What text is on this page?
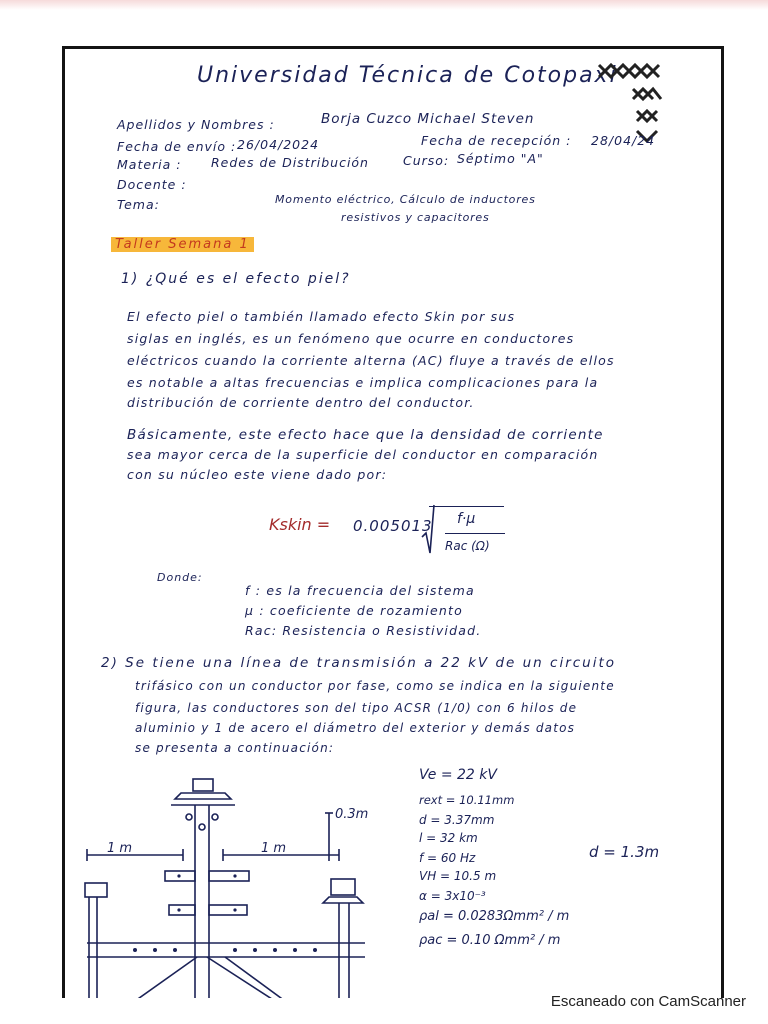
Universidad Técnica de Cotopaxi
Apellidos y Nombres :	Borja Cuzco Michael Steven
Fecha de envío : 26/04/2024	Fecha de recepción : 28/04/24
Materia : Redes de Distribución	Curso: Séptimo "A"
Docente :
Tema:	Momento eléctrico, Cálculo de inductores
resistivos y capacitores
Taller Semana 1
1) ¿Qué es el efecto piel?
El efecto piel o también llamado efecto Skin por sus
siglas en inglés, es un fenómeno que ocurre en conductores
eléctricos cuando la corriente alterna (AC) fluye a través de ellos
es notable a altas frecuencias e implica complicaciones para la
distribución de corriente dentro del conductor.
Básicamente, este efecto hace que la densidad de corriente
sea mayor cerca de la superficie del conductor en comparación
con su núcleo este viene dado por:
Kskin = 0.005013 f·μ
Rac (Ω)
Donde:
f : es la frecuencia del sistema
μ : coeficiente de rozamiento
Rac: Resistencia o Resistividad.
2) Se tiene una línea de transmisión a 22 kV de un circuito
trifásico con un conductor por fase, como se indica en la siguiente
figura, las conductores son del tipo ACSR (1/0) con 6 hilos de
aluminio y 1 de acero el diámetro del exterior y demás datos
se presenta a continuación:
1 m	1 m
0.3m
Ve = 22 kV
rext = 10.11mm
d = 3.37mm
l = 32 km
f = 60 Hz
VH = 10.5 m
α = 3x10⁻³
ρal = 0.0283Ωmm² / m
ρac = 0.10 Ωmm² / m
d = 1.3m
Escaneado con CamScanner
